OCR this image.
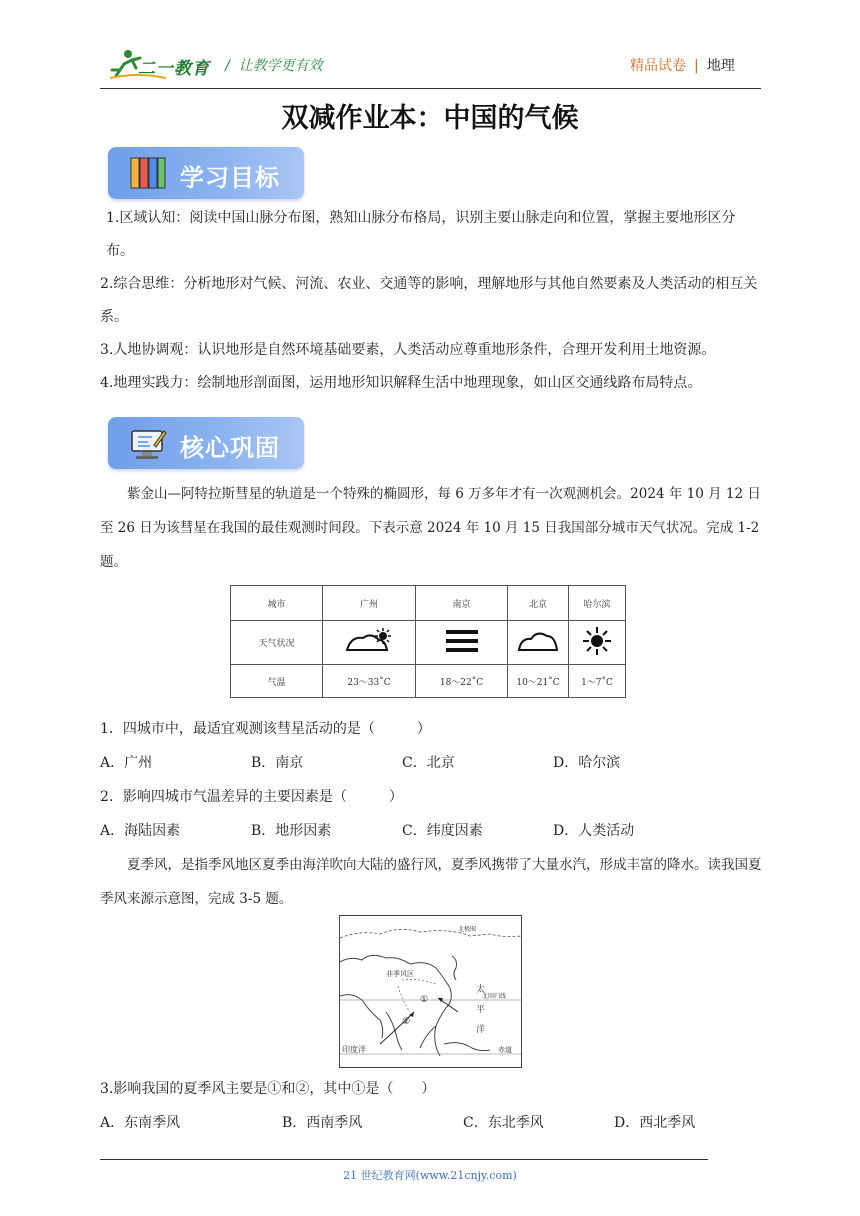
二一教育 /  让教学更有效	精品试卷 | 地理
双减作业本：中国的气候
学习目标

1.区域认知：阅读中国山脉分布图，熟知山脉分布格局，识别主要山脉走向和位置，掌握主要地形区分布。

2.综合思维：分析地形对气候、河流、农业、交通等的影响，理解地形与其他自然要素及人类活动的相互关系。

3.人地协调观：认识地形是自然环境基础要素，人类活动应尊重地形条件，合理开发利用土地资源。

4.地理实践力：绘制地形剖面图，运用地形知识解释生活中地理现象，如山区交通线路布局特点。

核心巩固
紫金山—阿特拉斯彗星的轨道是一个特殊的椭圆形，每 6 万多年才有一次观测机会。2024 年 10 月 12 日至 26 日为该彗星在我国的最佳观测时间段。下表示意 2024 年 10 月 15 日我国部分城市天气状况。完成 1-2 题。
城市	广州	南京	北京	哈尔滨
天气状况				
气温	23～33˚C	18～22˚C	10～21˚C	1～7˚C
1．四城市中，最适宜观测该彗星活动的是（　　　）
A．广州	B．南京	C．北京	D．哈尔滨
2．影响四城市气温差异的主要因素是（　　　）
A．海陆因素	B．地形因素	C．纬度因素	D．人类活动
夏季风，是指季风地区夏季由海洋吹向大陆的盛行风，夏季风携带了大量水汽，形成丰富的降水。读我国夏季风来源示意图，完成 3-5 题。
北极圈
非季风区
北回归线
太
平
洋
印度洋	赤道
①
②
3.影响我国的夏季风主要是①和②，其中①是（　　）
A．东南季风	B．西南季风	C．东北季风	D．西北季风
21 世纪教育网(www.21cnjy.com)
